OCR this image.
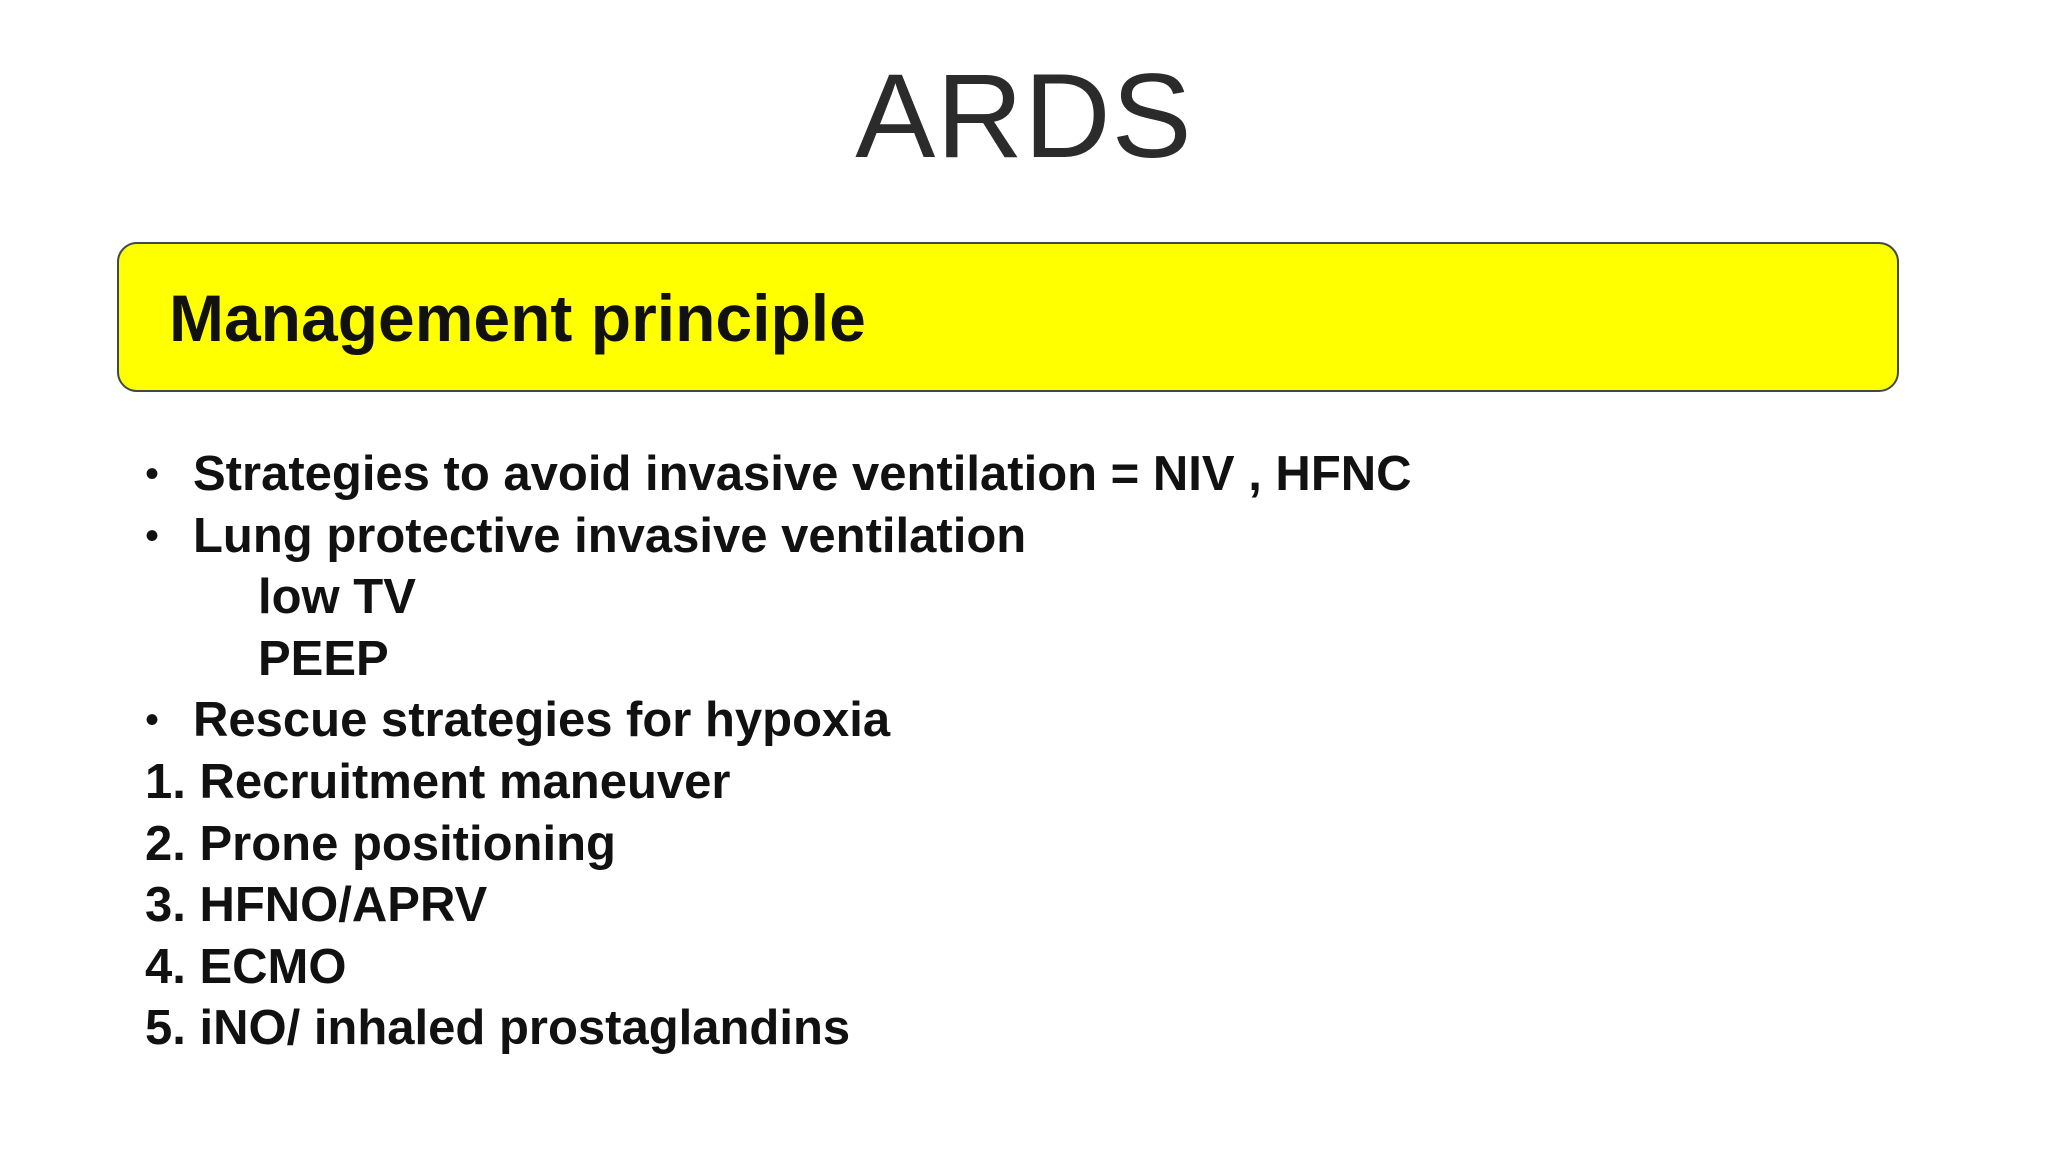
ARDS
Management principle
• Strategies to avoid invasive ventilation = NIV , HFNC
• Lung protective invasive ventilation
low TV
PEEP
• Rescue strategies for hypoxia
1. Recruitment maneuver
2. Prone positioning
3. HFNO/APRV
4. ECMO
5. iNO/ inhaled prostaglandins
